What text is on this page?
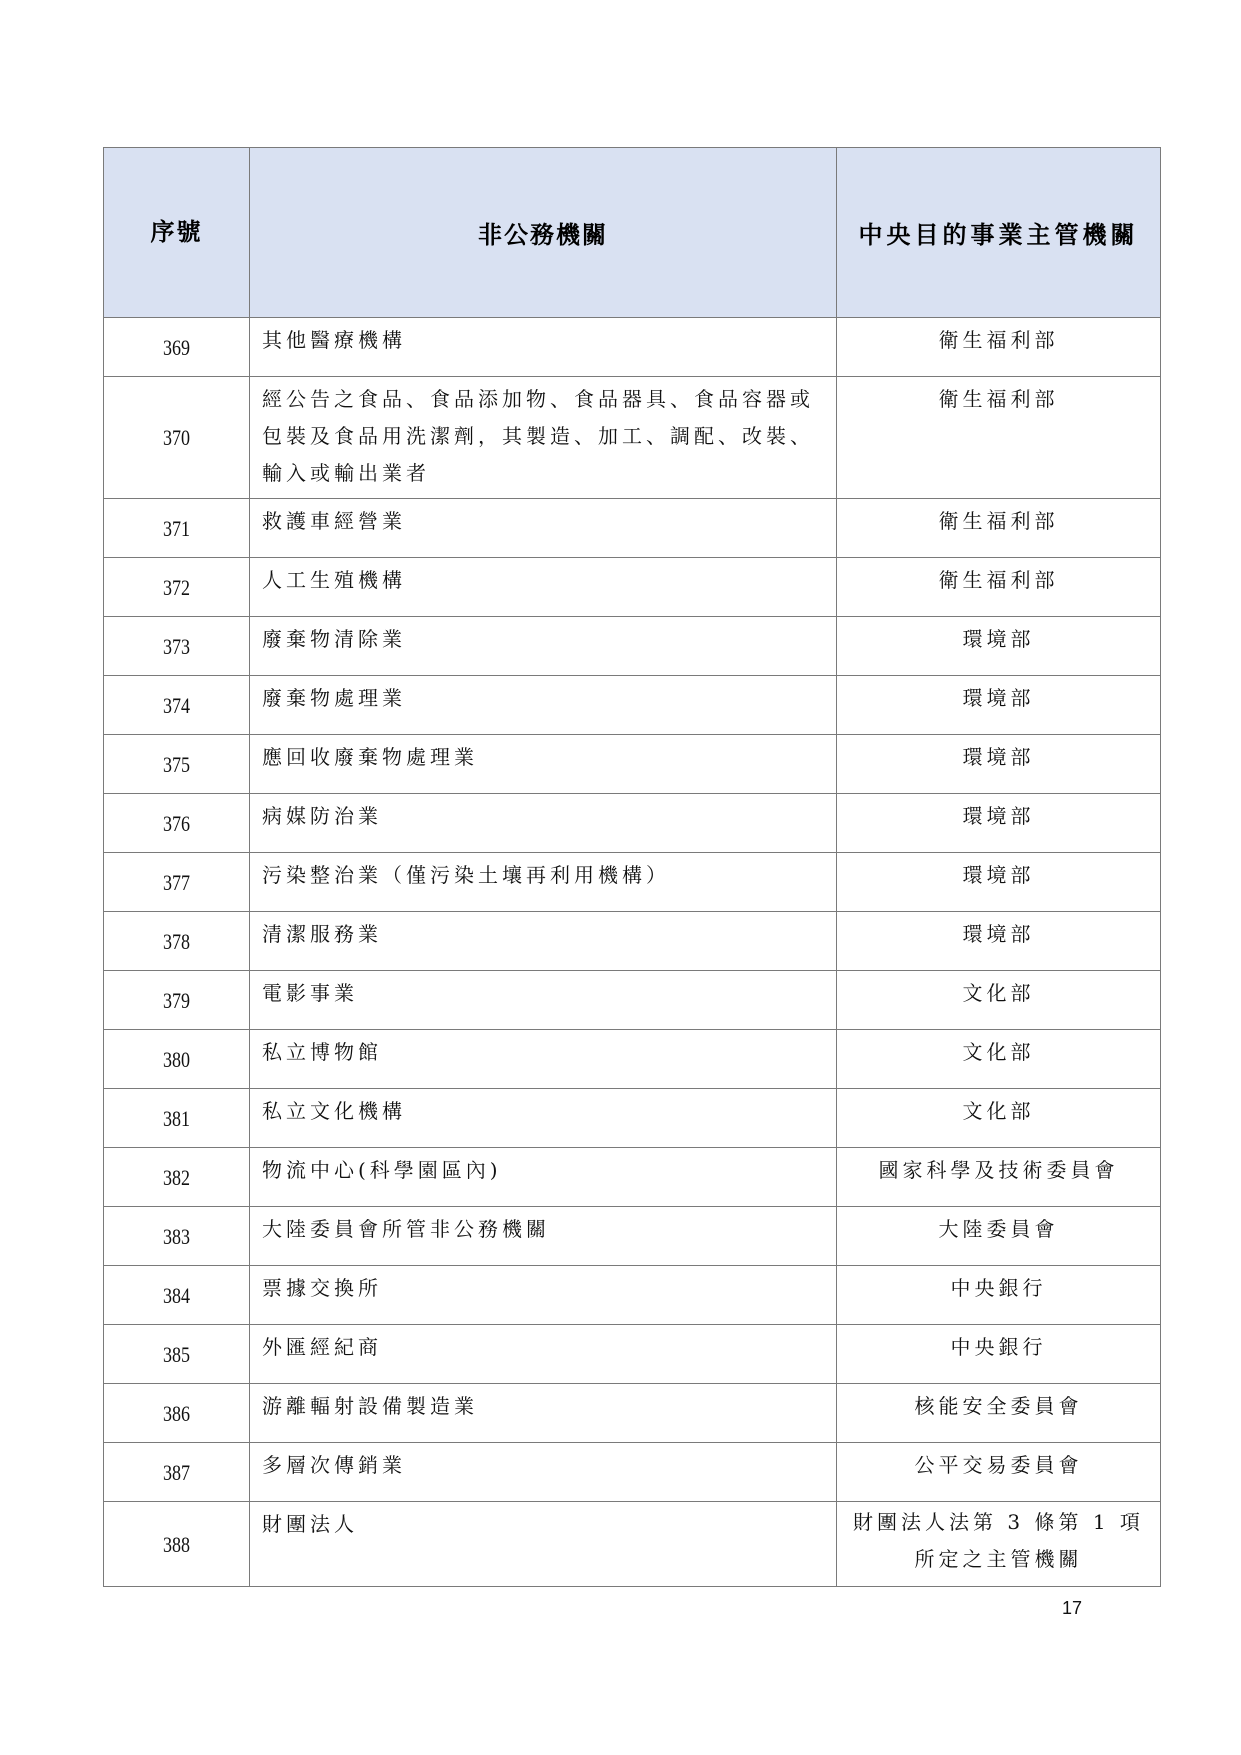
序號	非公務機關	中央目的事業主管機關
369	其他醫療機構	衛生福利部
370	經公告之食品、食品添加物、食品器具、食品容器或包裝及食品用洗潔劑，其製造、加工、調配、改裝、輸入或輸出業者	衛生福利部
371	救護車經營業	衛生福利部
372	人工生殖機構	衛生福利部
373	廢棄物清除業	環境部
374	廢棄物處理業	環境部
375	應回收廢棄物處理業	環境部
376	病媒防治業	環境部
377	污染整治業（僅污染土壤再利用機構）	環境部
378	清潔服務業	環境部
379	電影事業	文化部
380	私立博物館	文化部
381	私立文化機構	文化部
382	物流中心(科學園區內)	國家科學及技術委員會
383	大陸委員會所管非公務機關	大陸委員會
384	票據交換所	中央銀行
385	外匯經紀商	中央銀行
386	游離輻射設備製造業	核能安全委員會
387	多層次傳銷業	公平交易委員會
388	財團法人	財團法人法第 3 條第 1 項所定之主管機關
17
